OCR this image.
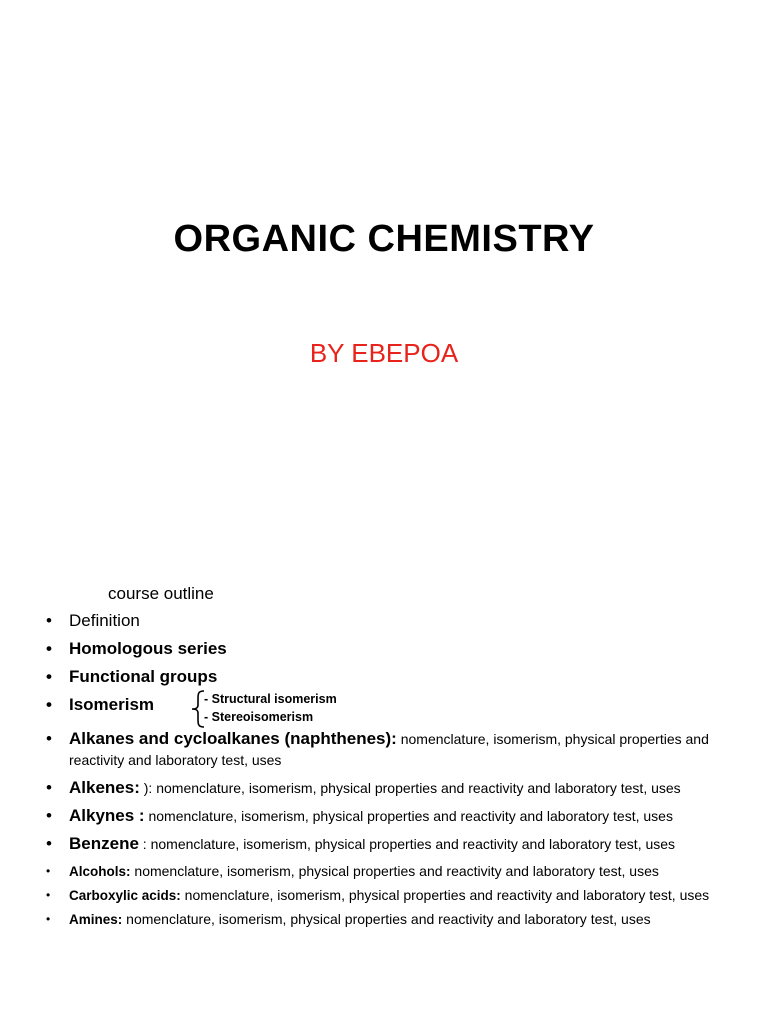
ORGANIC CHEMISTRY
BY EBEPOA
course outline
• Definition
• Homologous series
• Functional groups
• Isomerism
• Alkanes and cycloalkanes (naphthenes): nomenclature, isomerism, physical properties and reactivity and laboratory test, uses
• Alkenes: ): nomenclature, isomerism, physical properties and reactivity and laboratory test, uses
• Alkynes : nomenclature, isomerism, physical properties and reactivity and laboratory test, uses
• Benzene : nomenclature, isomerism, physical properties and reactivity and laboratory test, uses
• Alcohols: nomenclature, isomerism, physical properties and reactivity and laboratory test, uses
• Carboxylic acids: nomenclature, isomerism, physical properties and reactivity and laboratory test, uses
• Amines: nomenclature, isomerism, physical properties and reactivity and laboratory test, uses
- Structural isomerism
- Stereoisomerism
